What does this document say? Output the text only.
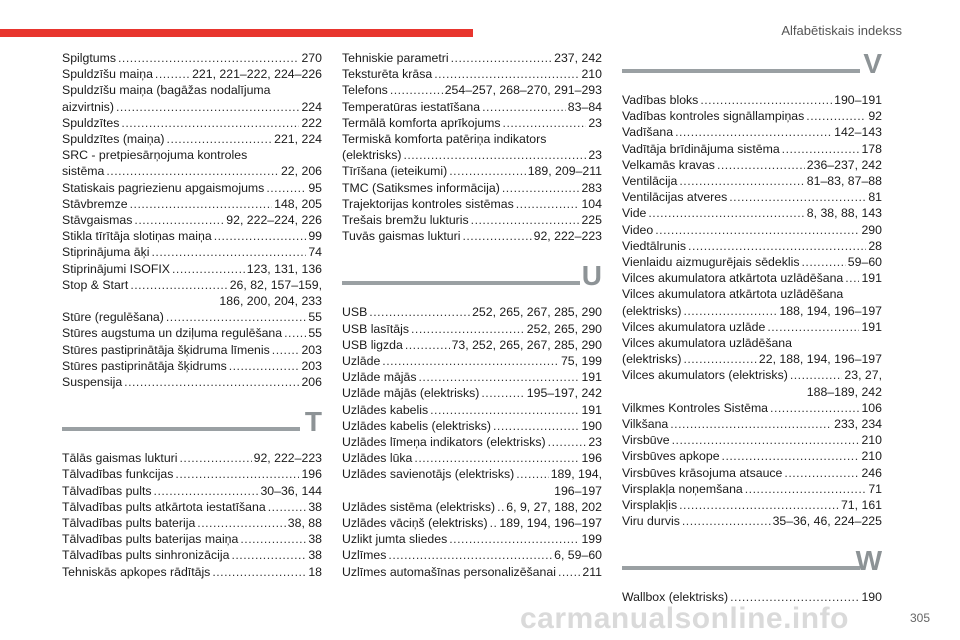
Alfabētiskais indekss
Spilgtums .....	270
Spuldzīšu maiņa .....	221, 221–222, 224–226
Spuldzīšu maiņa (bagāžas nodalījuma
aizvirtnis) .....	224
Spuldzītes .....	222
Spuldzītes (maiņa) .....	221, 224
SRC - pretpiesārņojuma kontroles
sistēma .....	22, 206
Statiskais pagriezienu apgaismojums .....	95
Stāvbremze .....	148, 205
Stāvgaismas .....	92, 222–224, 226
Stikla tīrītāja slotiņas maiņa .....	99
Stiprinājuma āķi .....	74
Stiprinājumi ISOFIX .....	123, 131, 136
Stop & Start .....	26, 82, 157–159,
186, 200, 204, 233
Stūre (regulēšana) .....	55
Stūres augstuma un dziļuma regulēšana ..... 55
Stūres pastiprinātāja šķidruma līmenis .....	203
Stūres pastiprinātāja šķidrums .....	203
Suspensija .....	206
T
Tālās gaismas lukturi .....	92, 222–223
Tālvadības funkcijas .....	196
Tālvadības pults .....	30–36, 144
Tālvadības pults atkārtota iestatīšana .....	38
Tālvadības pults baterija .....	38, 88
Tālvadības pults baterijas maiņa .....	38
Tālvadības pults sinhronizācija .....	38
Tehniskās apkopes rādītājs .....	18
Tehniskie parametri .....	237, 242
Teksturēta krāsa .....	210
Telefons .....	254–257, 268–270, 291–293
Temperatūras iestatīšana .....	83–84
Termālā komforta aprīkojums .....	23
Termiskā komforta patēriņa indikators
(elektrisks) .....	23
Tīrīšana (ieteikumi) .....	189, 209–211
TMC (Satiksmes informācija) .....	283
Trajektorijas kontroles sistēmas .....	104
Trešais bremžu lukturis .....	225
Tuvās gaismas lukturi .....	92, 222–223
U
USB .....	252, 265, 267, 285, 290
USB lasītājs .....	252, 265, 290
USB ligzda .....	73, 252, 265, 267, 285, 290
Uzlāde .....	75, 199
Uzlāde mājās .....	191
Uzlāde mājās (elektrisks) .....	195–197, 242
Uzlādes kabelis .....	191
Uzlādes kabelis (elektrisks) .....	190
Uzlādes līmeņa indikators (elektrisks) .....	23
Uzlādes lūka .....	196
Uzlādes savienotājs (elektrisks) .....	189, 194,
196–197
Uzlādes sistēma (elektrisks) ..... 6, 9, 27, 188, 202
Uzlādes vāciņš (elektrisks) ..... 189, 194, 196–197
Uzlikt jumta sliedes .....	199
Uzlīmes .....	6, 59–60
Uzlīmes automašīnas personalizēšanai ..... 211
V
Vadības bloks .....	190–191
Vadības kontroles signāllampiņas .....	92
Vadīšana .....	142–143
Vadītāja brīdinājuma sistēma .....	178
Velkamās kravas .....	236–237, 242
Ventilācija .....	81–83, 87–88
Ventilācijas atveres .....	81
Vide .....	8, 38, 88, 143
Video .....	290
Viedtālrunis .....	28
Vienlaidu aizmugurējais sēdeklis .....	59–60
Vilces akumulatora atkārtota uzlādēšana ..... 191
Vilces akumulatora atkārtota uzlādēšana
(elektrisks) .....	188, 194, 196–197
Vilces akumulatora uzlāde .....	191
Vilces akumulatora uzlādēšana
(elektrisks) .....	22, 188, 194, 196–197
Vilces akumulators (elektrisks) .....	23, 27,
188–189, 242
Vilkmes Kontroles Sistēma .....	106
Vilkšana .....	233, 234
Virsbūve .....	210
Virsbūves apkope .....	210
Virsbūves krāsojuma atsauce .....	246
Virsplakļa noņemšana .....	71
Virsplakļis .....	71, 161
Viru durvis .....	35–36, 46, 224–225
W
Wallbox (elektrisks) .....	190
carmanualsonline.info	305
